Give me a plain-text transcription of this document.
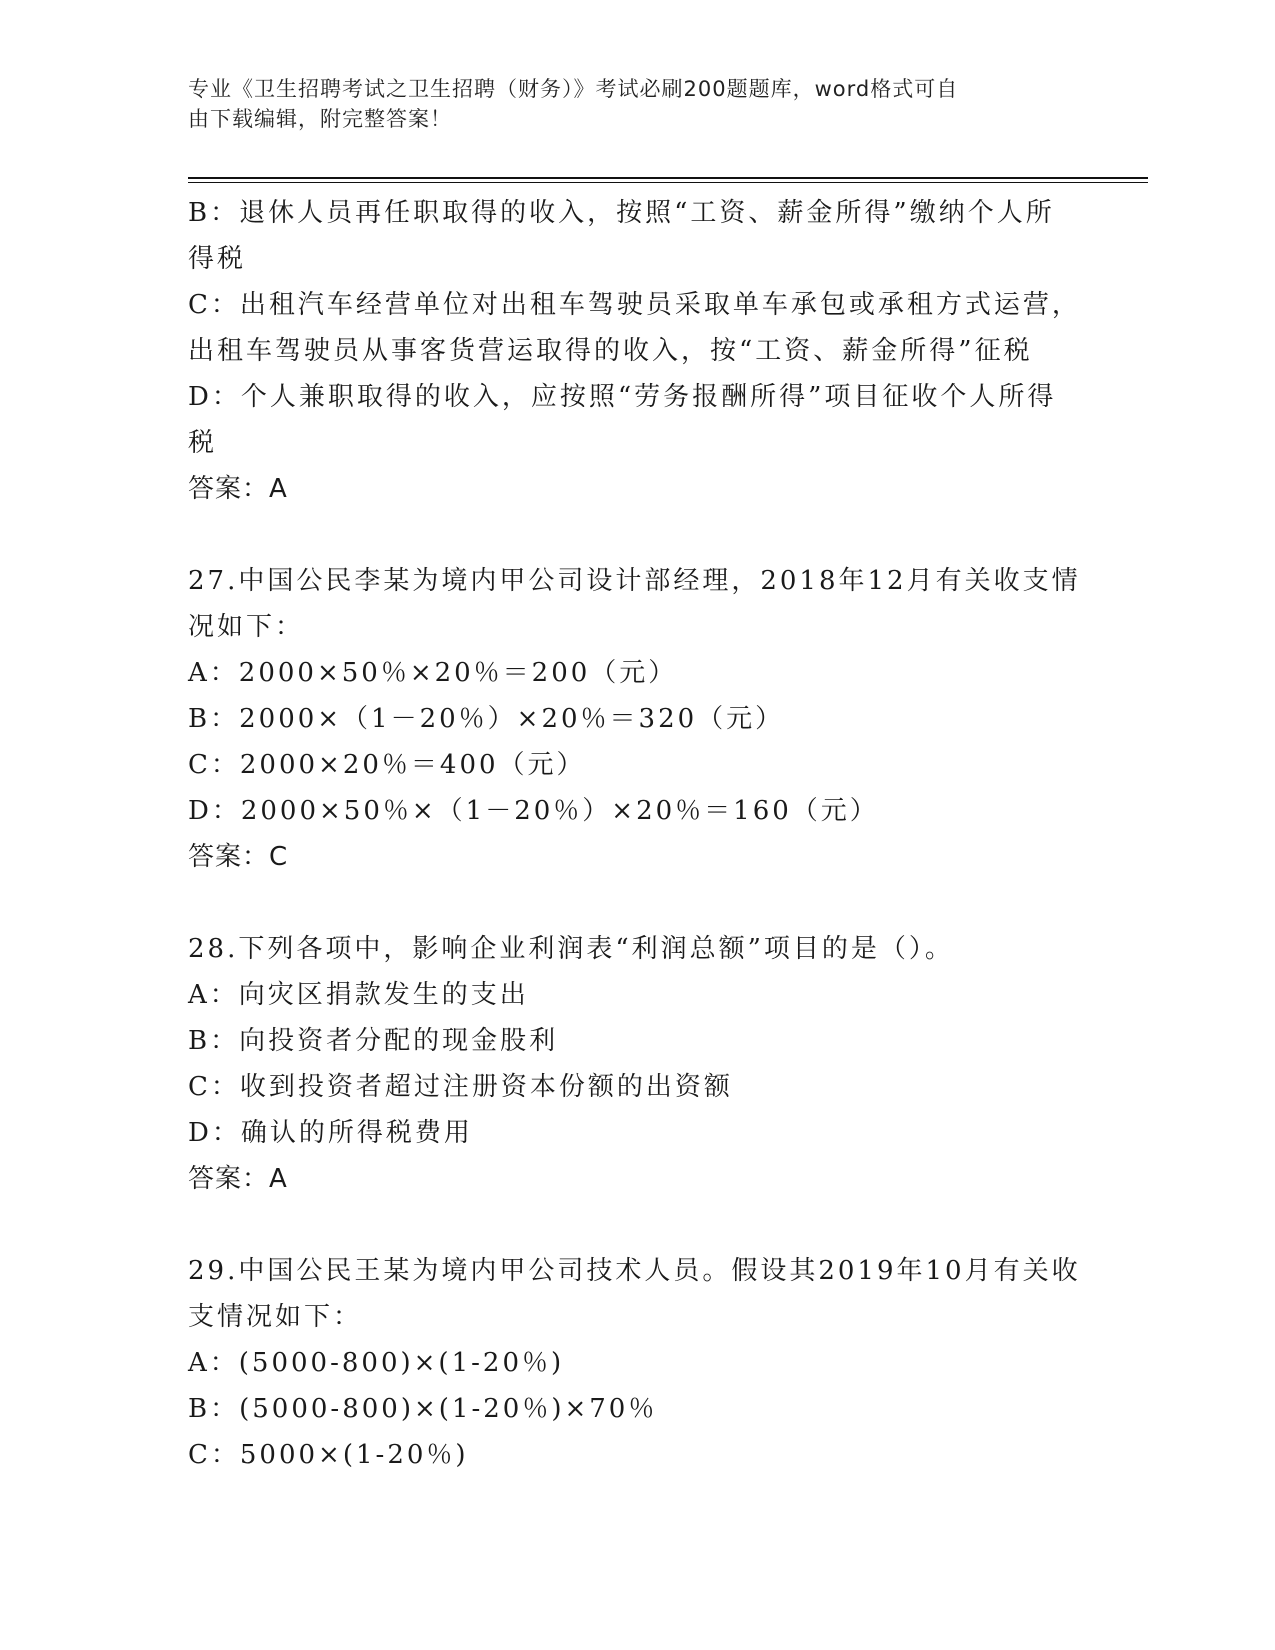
专业《卫生招聘考试之卫生招聘（财务）》考试必刷200题题库，word格式可自
由下载编辑，附完整答案！
B：退休人员再任职取得的收入，按照“工资、薪金所得”缴纳个人所
得税
C：出租汽车经营单位对出租车驾驶员采取单车承包或承租方式运营，
出租车驾驶员从事客货营运取得的收入，按“工资、薪金所得”征税
D：个人兼职取得的收入，应按照“劳务报酬所得”项目征收个人所得
税
答案：A
27.中国公民李某为境内甲公司设计部经理，2018年12月有关收支情
况如下：
A：2000×50％×20％＝200（元）
B：2000×（1－20％）×20％＝320（元）
C：2000×20％＝400（元）
D：2000×50％×（1－20％）×20％＝160（元）
答案：C
28.下列各项中，影响企业利润表“利润总额”项目的是（）。
A：向灾区捐款发生的支出
B：向投资者分配的现金股利
C：收到投资者超过注册资本份额的出资额
D：确认的所得税费用
答案：A
29.中国公民王某为境内甲公司技术人员。假设其2019年10月有关收
支情况如下：
A：(5000-800)×(1-20％)
B：(5000-800)×(1-20％)×70％
C：5000×(1-20％)
